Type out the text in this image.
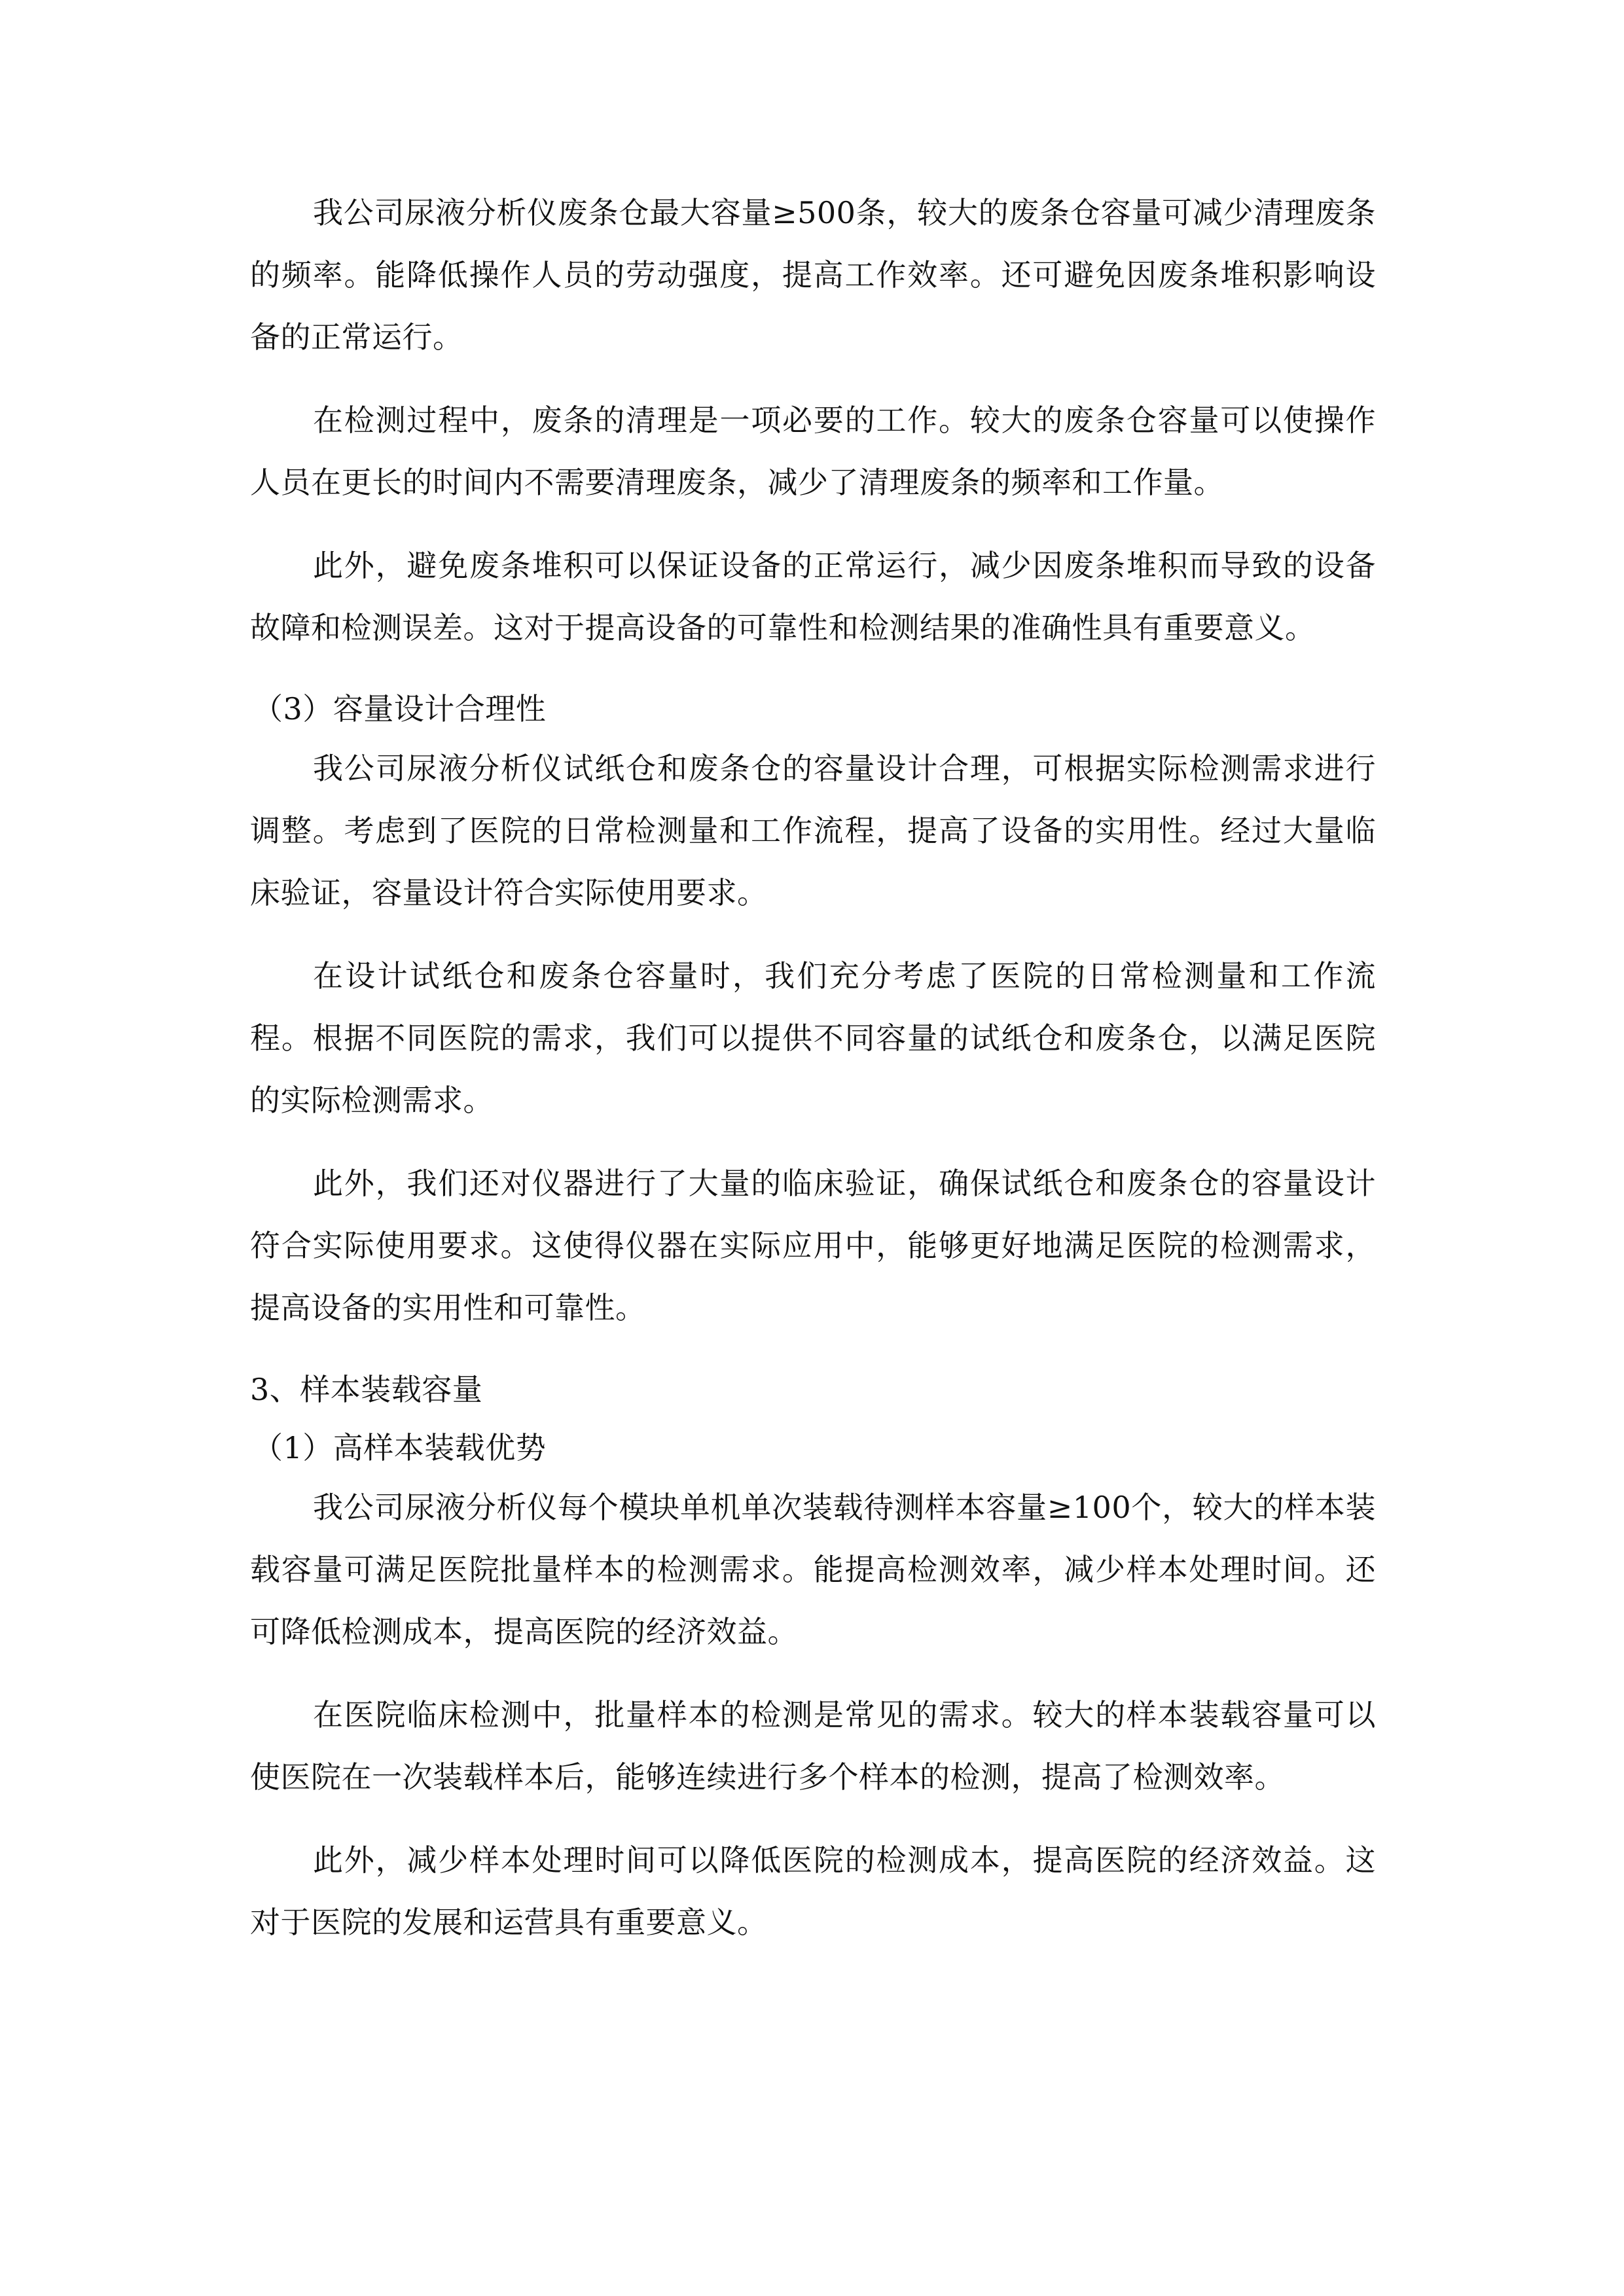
我公司尿液分析仪废条仓最大容量≥500条，较大的废条仓容量可减少清理废条的频率。能降低操作人员的劳动强度，提高工作效率。还可避免因废条堆积影响设备的正常运行。

在检测过程中，废条的清理是一项必要的工作。较大的废条仓容量可以使操作人员在更长的时间内不需要清理废条，减少了清理废条的频率和工作量。

此外，避免废条堆积可以保证设备的正常运行，减少因废条堆积而导致的设备故障和检测误差。这对于提高设备的可靠性和检测结果的准确性具有重要意义。

（3）容量设计合理性

我公司尿液分析仪试纸仓和废条仓的容量设计合理，可根据实际检测需求进行调整。考虑到了医院的日常检测量和工作流程，提高了设备的实用性。经过大量临床验证，容量设计符合实际使用要求。

在设计试纸仓和废条仓容量时，我们充分考虑了医院的日常检测量和工作流程。根据不同医院的需求，我们可以提供不同容量的试纸仓和废条仓，以满足医院的实际检测需求。

此外，我们还对仪器进行了大量的临床验证，确保试纸仓和废条仓的容量设计符合实际使用要求。这使得仪器在实际应用中，能够更好地满足医院的检测需求，提高设备的实用性和可靠性。

3、样本装载容量

（1）高样本装载优势

我公司尿液分析仪每个模块单机单次装载待测样本容量≥100个，较大的样本装载容量可满足医院批量样本的检测需求。能提高检测效率，减少样本处理时间。还可降低检测成本，提高医院的经济效益。

在医院临床检测中，批量样本的检测是常见的需求。较大的样本装载容量可以使医院在一次装载样本后，能够连续进行多个样本的检测，提高了检测效率。

此外，减少样本处理时间可以降低医院的检测成本，提高医院的经济效益。这对于医院的发展和运营具有重要意义。
